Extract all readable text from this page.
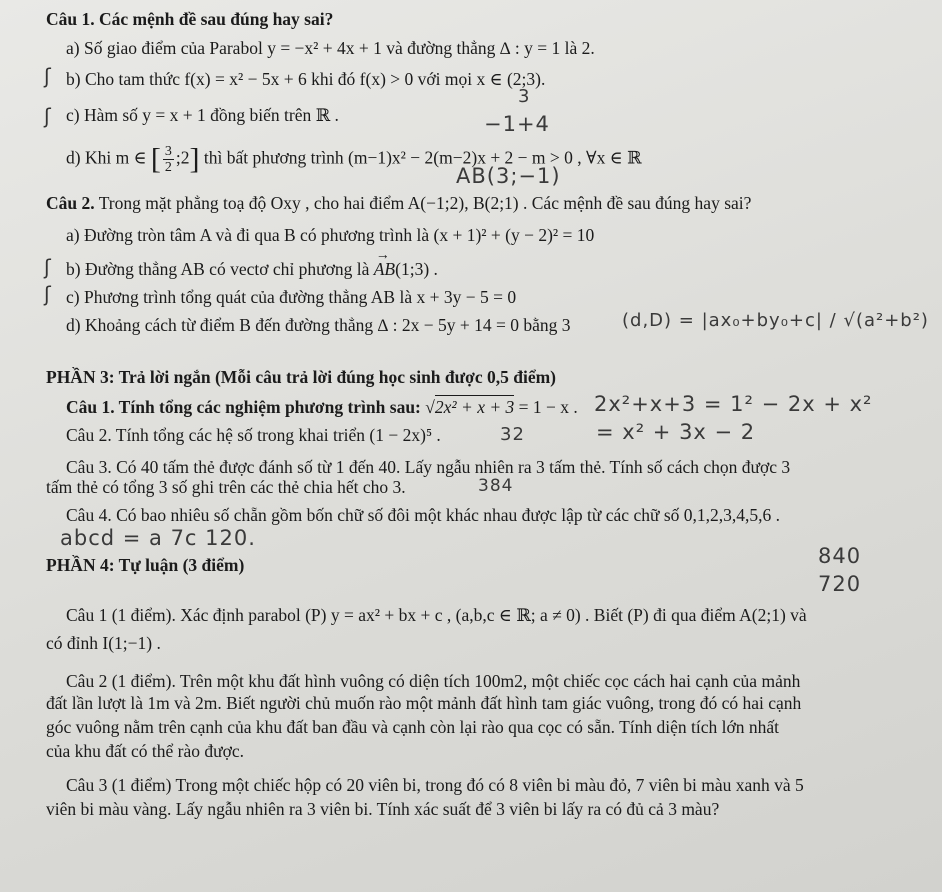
Câu 1. Các mệnh đề sau đúng hay sai?
a) Số giao điểm của Parabol y = −x² + 4x + 1 và đường thẳng ∆ : y = 1 là 2.
ʃ b) Cho tam thức f(x) = x² − 5x + 6 khi đó f(x) > 0 với mọi x ∈ (2;3).
ʃ c) Hàm số y = x + 1 đồng biến trên ℝ .
d) Khi m ∈ [ $\frac{3}{2}$ ;2] thì bất phương trình (m−1)x² − 2(m−2)x + 2 − m > 0 , ∀x ∈ ℝ
Câu 2. Trong mặt phẳng toạ độ Oxy , cho hai điểm A(−1;2), B(2;1) . Các mệnh đề sau đúng hay sai?
a) Đường tròn tâm A và đi qua B có phương trình là (x + 1)² + (y − 2)² = 10
ʃ b) Đường thẳng AB có vectơ chỉ phương là → AB(1;3) .
ʃ c) Phương trình tổng quát của đường thẳng AB là x + 3y − 5 = 0
d) Khoảng cách từ điểm B đến đường thẳng ∆ : 2x − 5y + 14 = 0 bằng 3
PHẦN 3: Trả lời ngắn (Mỗi câu trả lời đúng học sinh được 0,5 điểm)
Câu 1. Tính tổng các nghiệm phương trình sau: √2x² + x + 3 = 1 − x .
Câu 2. Tính tổng các hệ số trong khai triển (1 − 2x)⁵ .
Câu 3. Có 40 tấm thẻ được đánh số từ 1 đến 40. Lấy ngẫu nhiên ra 3 tấm thẻ. Tính số cách chọn được 3
tấm thẻ có tổng 3 số ghi trên các thẻ chia hết cho 3.
Câu 4. Có bao nhiêu số chẵn gồm bốn chữ số đôi một khác nhau được lập từ các chữ số 0,1,2,3,4,5,6 .
PHẦN 4: Tự luận (3 điểm)
Câu 1 (1 điểm). Xác định parabol (P) y = ax² + bx + c , (a,b,c ∈ ℝ; a ≠ 0) . Biết (P) đi qua điểm A(2;1) và
có đỉnh I(1;−1) .
Câu 2 (1 điểm). Trên một khu đất hình vuông có diện tích 100m2, một chiếc cọc cách hai cạnh của mảnh
đất lần lượt là 1m và 2m. Biết người chủ muốn rào một mảnh đất hình tam giác vuông, trong đó có hai cạnh
góc vuông nằm trên cạnh của khu đất ban đầu và cạnh còn lại rào qua cọc có sẵn. Tính diện tích lớn nhất
của khu đất có thể rào được.
Câu 3 (1 điểm) Trong một chiếc hộp có 20 viên bi, trong đó có 8 viên bi màu đỏ, 7 viên bi màu xanh và 5
viên bi màu vàng. Lấy ngẫu nhiên ra 3 viên bi. Tính xác suất để 3 viên bi lấy ra có đủ cả 3 màu?
3
−1+4
AB(3;−1)
(d,D) = |ax₀+by₀+c| / √(a²+b²)
2x²+x+3 = 1² − 2x + x²
= x² + 3x − 2
32
384
abcd = a 7c 120.
840
720
